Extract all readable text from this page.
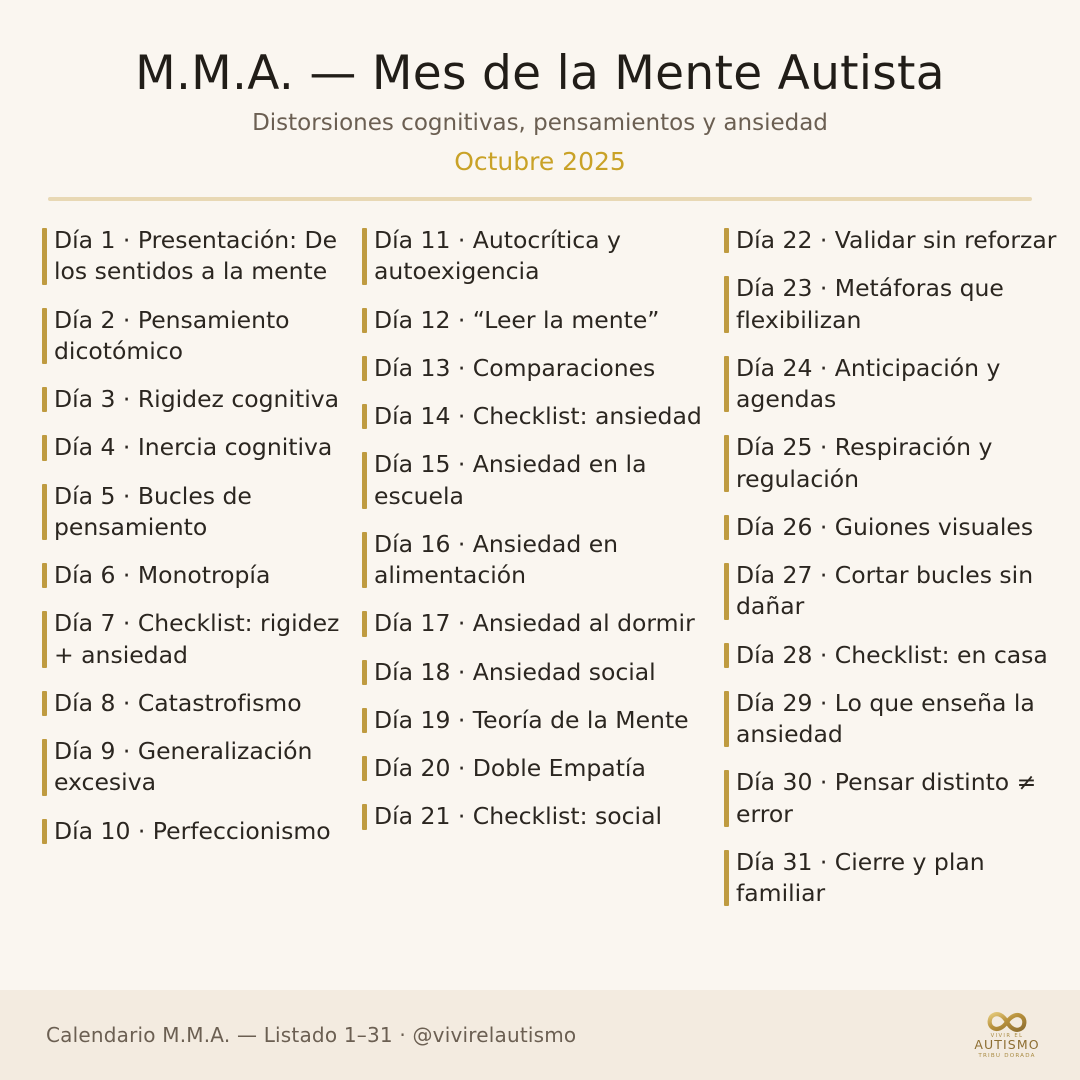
M.M.A. — Mes de la Mente Autista

Distorsiones cognitivas, pensamientos y ansiedad

Octubre 2025

Día 1 · Presentación: De los sentidos a la mente
Día 2 · Pensamiento dicotómico
Día 3 · Rigidez cognitiva
Día 4 · Inercia cognitiva
Día 5 · Bucles de pensamiento
Día 6 · Monotropía
Día 7 · Checklist: rigidez + ansiedad
Día 8 · Catastrofismo
Día 9 · Generalización excesiva
Día 10 · Perfeccionismo
Día 11 · Autocrítica y autoexigencia
Día 12 · “Leer la mente”
Día 13 · Comparaciones
Día 14 · Checklist: ansiedad
Día 15 · Ansiedad en la escuela
Día 16 · Ansiedad en alimentación
Día 17 · Ansiedad al dormir
Día 18 · Ansiedad social
Día 19 · Teoría de la Mente
Día 20 · Doble Empatía
Día 21 · Checklist: social
Día 22 · Validar sin reforzar
Día 23 · Metáforas que flexibilizan
Día 24 · Anticipación y agendas
Día 25 · Respiración y regulación
Día 26 · Guiones visuales
Día 27 · Cortar bucles sin dañar
Día 28 · Checklist: en casa
Día 29 · Lo que enseña la ansiedad
Día 30 · Pensar distinto ≠ error
Día 31 · Cierre y plan familiar
Calendario M.M.A. — Listado 1–31 · @vivirelautismo	VIVIR EL
AUTISMO
TRIBU DORADA
